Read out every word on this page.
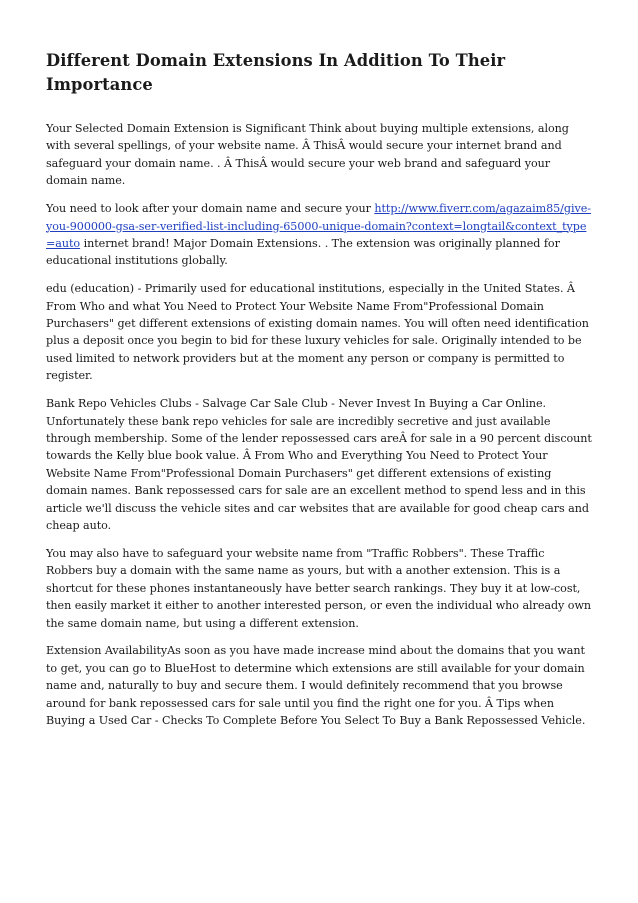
Different Domain Extensions In Addition To Their Importance

Your Selected Domain Extension is Significant Think about buying multiple extensions, along with several spellings, of your website name. Â ThisÂ would secure your internet brand and safeguard your domain name. . Â ThisÂ would secure your web brand and safeguard your domain name.

You need to look after your domain name and secure your http://www.fiverr.com/agazaim85/give-you-900000-gsa-ser-verified-list-including-65000-unique-domain?context=longtail&context_type=auto internet brand! Major Domain Extensions. . The extension was originally planned for educational institutions globally.

edu (education) - Primarily used for educational institutions, especially in the United States. Â From Who and what You Need to Protect Your Website Name From"Professional Domain Purchasers" get different extensions of existing domain names. You will often need identification plus a deposit once you begin to bid for these luxury vehicles for sale. Originally intended to be used limited to network providers but at the moment any person or company is permitted to register.

Bank Repo Vehicles Clubs - Salvage Car Sale Club - Never Invest In Buying a Car Online. Unfortunately these bank repo vehicles for sale are incredibly secretive and just available through membership. Some of the lender repossessed cars areÂ for sale in a 90 percent discount towards the Kelly blue book value. Â From Who and Everything You Need to Protect Your Website Name From"Professional Domain Purchasers" get different extensions of existing domain names. Bank repossessed cars for sale are an excellent method to spend less and in this article we'll discuss the vehicle sites and car websites that are available for good cheap cars and cheap auto.

You may also have to safeguard your website name from "Traffic Robbers". These Traffic Robbers buy a domain with the same name as yours, but with a another extension. This is a shortcut for these phones instantaneously have better search rankings. They buy it at low-cost, then easily market it either to another interested person, or even the individual who already own the same domain name, but using a different extension.

Extension AvailabilityAs soon as you have made increase mind about the domains that you want to get, you can go to BlueHost to determine which extensions are still available for your domain name and, naturally to buy and secure them. I would definitely recommend that you browse around for bank repossessed cars for sale until you find the right one for you. Â Tips when Buying a Used Car - Checks To Complete Before You Select To Buy a Bank Repossessed Vehicle.
